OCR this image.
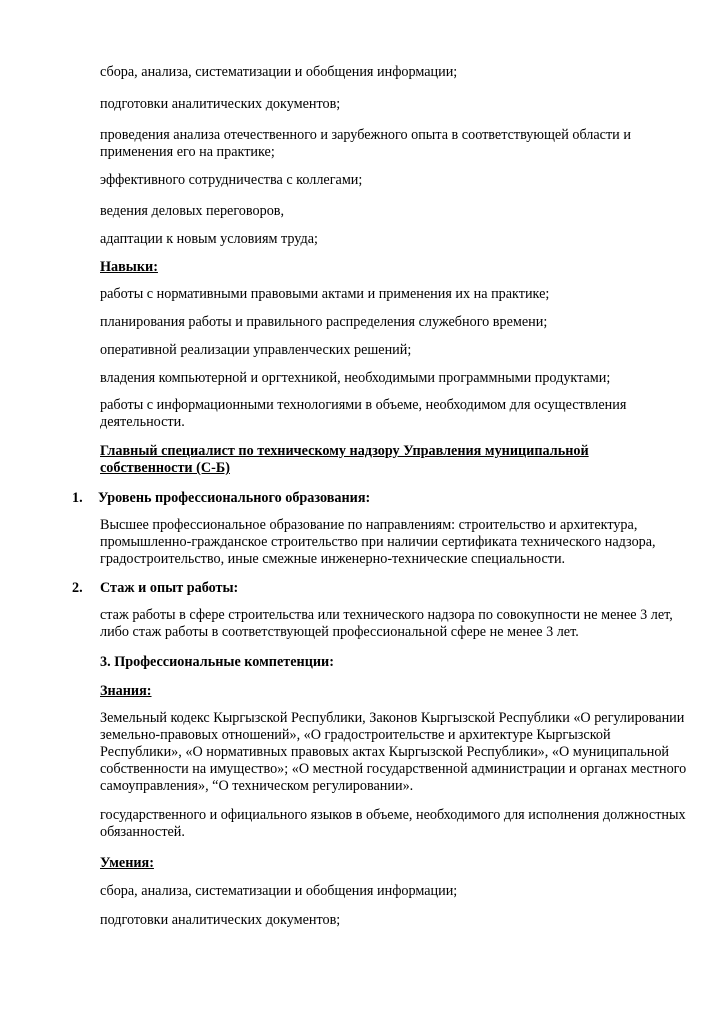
сбора, анализа, систематизации и обобщения информации;

подготовки аналитических документов;

проведения анализа отечественного и зарубежного опыта в соответствующей области и применения его на практике;

эффективного сотрудничества с коллегами;

ведения деловых переговоров,

адаптации к новым условиям труда;

Навыки:

работы с нормативными правовыми актами и применения их на практике;

планирования работы и правильного распределения служебного времени;

оперативной реализации управленческих решений;

владения компьютерной и оргтехникой, необходимыми программными продуктами;

работы с информационными технологиями в объеме, необходимом для осуществления деятельности.

Главный специалист по техническому надзору Управления муниципальной собственности (С-Б)

1. Уровень профессионального образования:

Высшее профессиональное образование по направлениям: строительство и архитектура, промышленно-гражданское строительство при наличии сертификата технического надзора, градостроительство, иные смежные инженерно-технические специальности.

2. Стаж и опыт работы:

стаж работы в сфере строительства или технического надзора по совокупности не менее 3 лет, либо стаж работы в соответствующей профессиональной сфере не менее 3 лет.

3. Профессиональные компетенции:

Знания:

Земельный кодекс Кыргызской Республики, Законов Кыргызской Республики «О регулировании земельно-правовых отношений», «О градостроительстве и архитектуре Кыргызской Республики», «О нормативных правовых актах Кыргызской Республики», «О муниципальной собственности на имущество»; «О местной государственной администрации и органах местного самоуправления», “О техническом регулировании».

государственного и официального языков в объеме, необходимого для исполнения должностных обязанностей.

Умения:

сбора, анализа, систематизации и обобщения информации;

подготовки аналитических документов;
